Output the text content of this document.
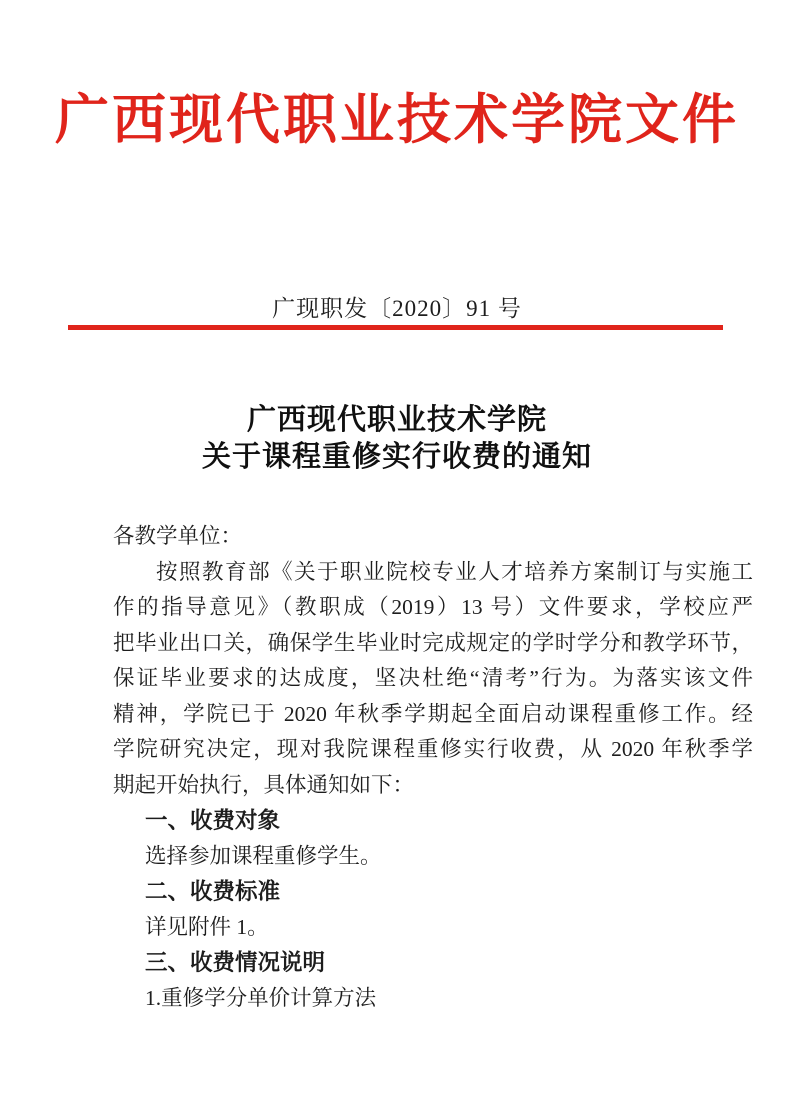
广西现代职业技术学院文件
广现职发〔2020〕91 号
广西现代职业技术学院
关于课程重修实行收费的通知
各教学单位：
按照教育部《关于职业院校专业人才培养方案制订与实施工
作的指导意见》（教职成（2019）13 号）文件要求，学校应严
把毕业出口关，确保学生毕业时完成规定的学时学分和教学环节，
保证毕业要求的达成度，坚决杜绝“清考”行为。为落实该文件
精神，学院已于 2020 年秋季学期起全面启动课程重修工作。经
学院研究决定，现对我院课程重修实行收费，从 2020 年秋季学
期起开始执行，具体通知如下：
一、收费对象
选择参加课程重修学生。
二、收费标准
详见附件 1。
三、收费情况说明
1.重修学分单价计算方法
